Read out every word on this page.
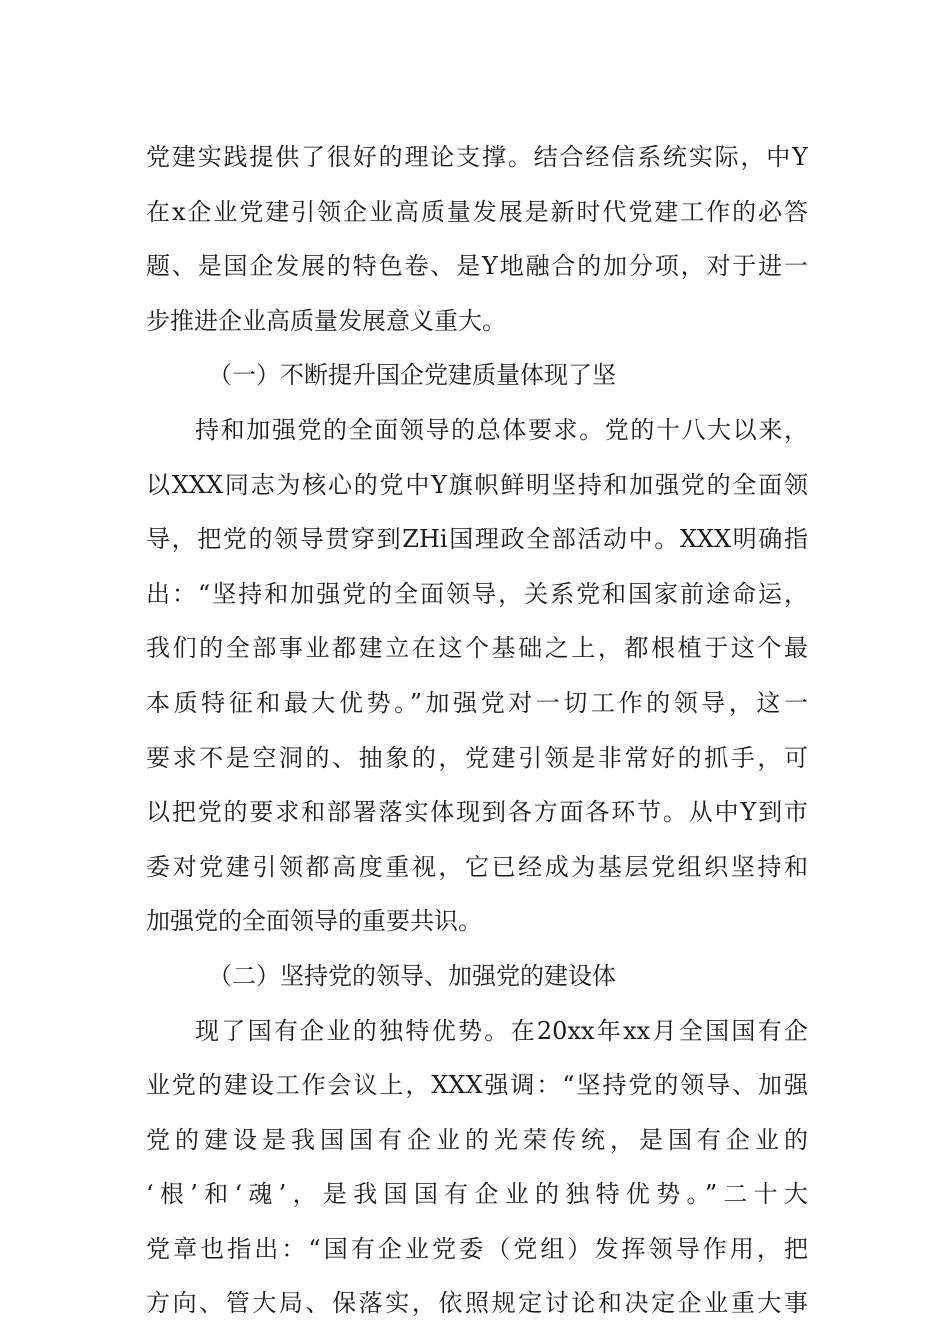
党建实践提供了很好的理论支撑。结合经信系统实际，中Y
在x企业党建引领企业高质量发展是新时代党建工作的必答
题、是国企发展的特色卷、是Y地融合的加分项，对于进一
步推进企业高质量发展意义重大。
（一）不断提升国企党建质量体现了坚
持和加强党的全面领导的总体要求。党的十八大以来，
以XXX同志为核心的党中Y旗帜鲜明坚持和加强党的全面领
导，把党的领导贯穿到ZHi国理政全部活动中。XXX明确指
出：“坚持和加强党的全面领导，关系党和国家前途命运，
我们的全部事业都建立在这个基础之上，都根植于这个最
本质特征和最大优势。”加强党对一切工作的领导，这一
要求不是空洞的、抽象的，党建引领是非常好的抓手，可
以把党的要求和部署落实体现到各方面各环节。从中Y到市
委对党建引领都高度重视，它已经成为基层党组织坚持和
加强党的全面领导的重要共识。
（二）坚持党的领导、加强党的建设体
现了国有企业的独特优势。在20xx年xx月全国国有企
业党的建设工作会议上，XXX强调：“坚持党的领导、加强
党的建设是我国国有企业的光荣传统，是国有企业的
‘根’和‘魂’，是我国国有企业的独特优势。”二十大
党章也指出：“国有企业党委（党组）发挥领导作用，把
方向、管大局、保落实，依照规定讨论和决定企业重大事
